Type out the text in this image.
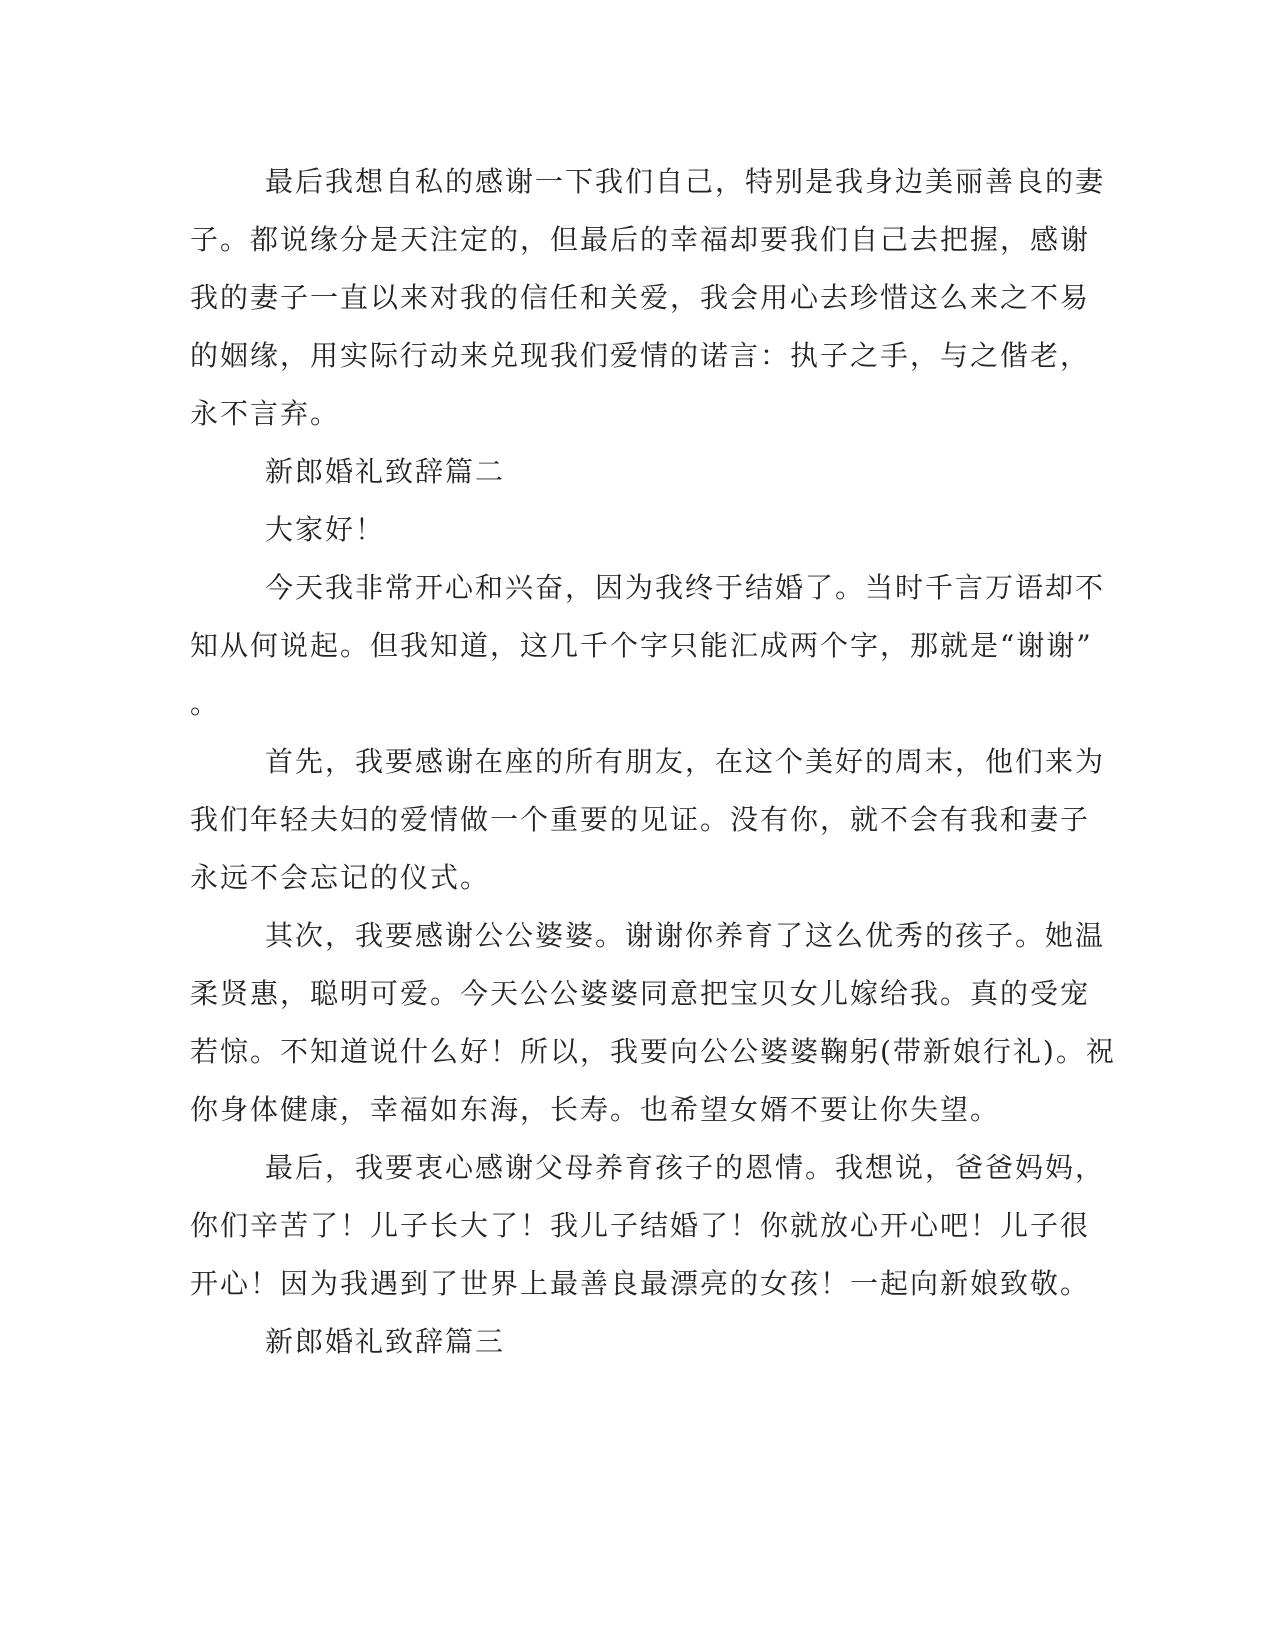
最后我想自私的感谢一下我们自己，特别是我身边美丽善良的妻
子。都说缘分是天注定的，但最后的幸福却要我们自己去把握，感谢
我的妻子一直以来对我的信任和关爱，我会用心去珍惜这么来之不易
的姻缘，用实际行动来兑现我们爱情的诺言：执子之手，与之偕老，
永不言弃。
新郎婚礼致辞篇二
大家好！
今天我非常开心和兴奋，因为我终于结婚了。当时千言万语却不
知从何说起。但我知道，这几千个字只能汇成两个字，那就是“谢谢”
。
首先，我要感谢在座的所有朋友，在这个美好的周末，他们来为
我们年轻夫妇的爱情做一个重要的见证。没有你，就不会有我和妻子
永远不会忘记的仪式。
其次，我要感谢公公婆婆。谢谢你养育了这么优秀的孩子。她温
柔贤惠，聪明可爱。今天公公婆婆同意把宝贝女儿嫁给我。真的受宠
若惊。不知道说什么好！所以，我要向公公婆婆鞠躬(带新娘行礼)。祝
你身体健康，幸福如东海，长寿。也希望女婿不要让你失望。
最后，我要衷心感谢父母养育孩子的恩情。我想说，爸爸妈妈，
你们辛苦了！儿子长大了！我儿子结婚了！你就放心开心吧！儿子很
开心！因为我遇到了世界上最善良最漂亮的女孩！一起向新娘致敬。
新郎婚礼致辞篇三
